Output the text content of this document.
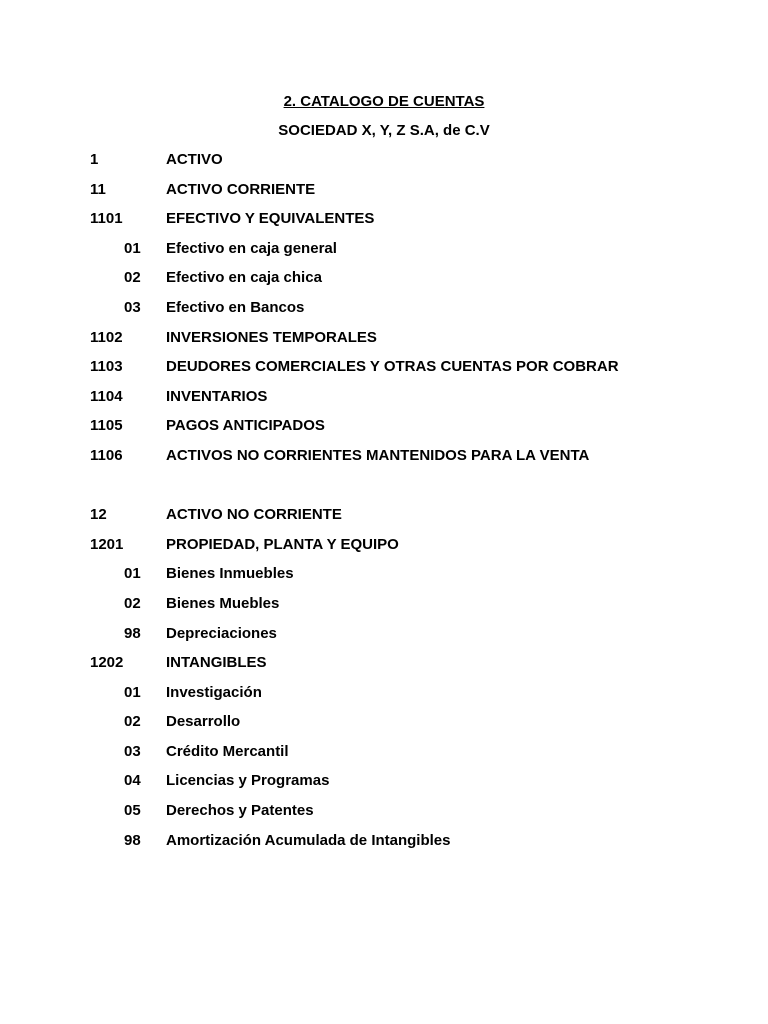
2. CATALOGO DE CUENTAS
SOCIEDAD X, Y, Z S.A, de C.V
1	ACTIVO
11	ACTIVO CORRIENTE
1101	EFECTIVO Y EQUIVALENTES
01 Efectivo en caja general
02 Efectivo en caja chica
03 Efectivo en Bancos
1102	INVERSIONES TEMPORALES
1103	DEUDORES COMERCIALES Y OTRAS CUENTAS POR COBRAR
1104	INVENTARIOS
1105	PAGOS ANTICIPADOS
1106	ACTIVOS NO CORRIENTES MANTENIDOS PARA LA VENTA
12	ACTIVO NO CORRIENTE
1201	PROPIEDAD, PLANTA Y EQUIPO
01 Bienes Inmuebles
02 Bienes Muebles
98 Depreciaciones
1202	INTANGIBLES
01 Investigación
02 Desarrollo
03 Crédito Mercantil
04 Licencias y Programas
05 Derechos y Patentes
98 Amortización Acumulada de Intangibles
